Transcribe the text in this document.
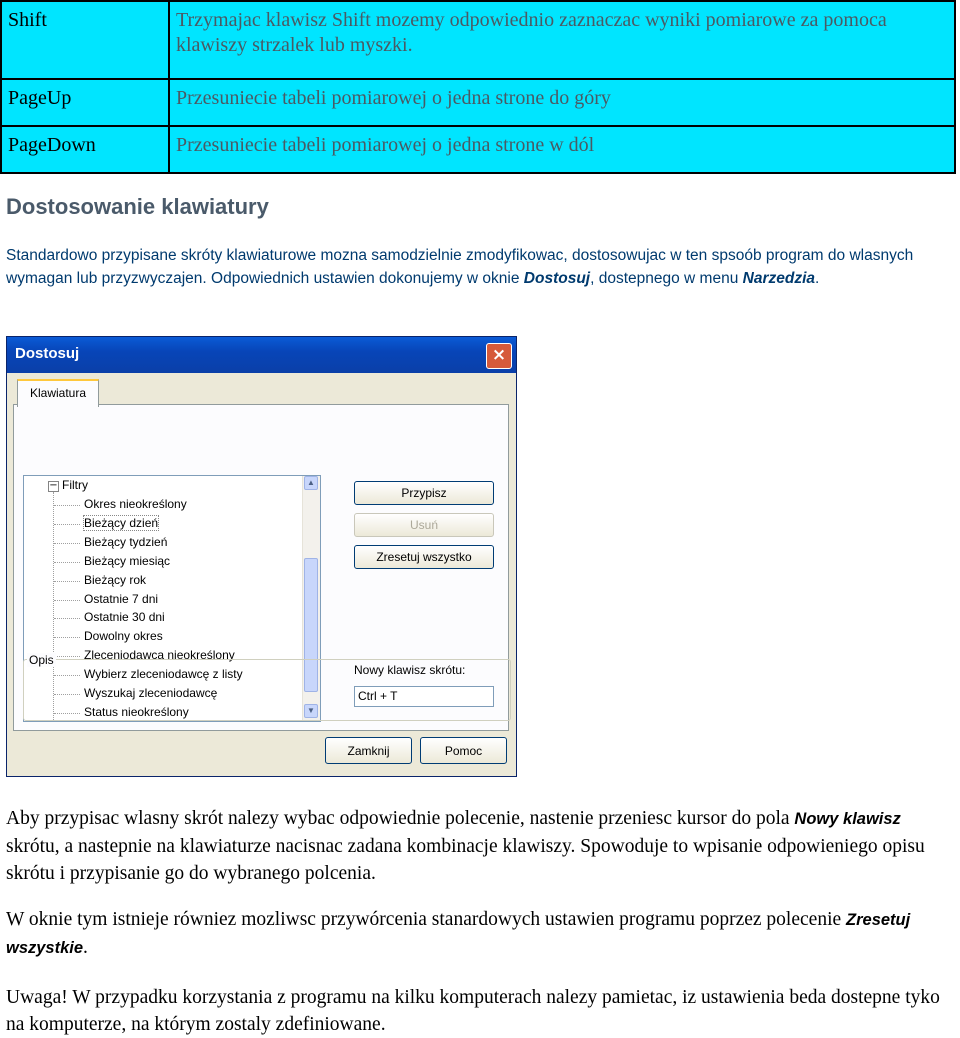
Shift	Trzymajac klawisz Shift mozemy odpowiednio zaznaczac wyniki pomiarowe za pomoca klawiszy strzalek lub myszki.
PageUp	Przesuniecie tabeli pomiarowej o jedna strone do góry
PageDown	Przesuniecie tabeli pomiarowej o jedna strone w dól
Dostosowanie klawiatury
Standardowo przypisane skróty klawiaturowe mozna samodzielnie zmodyfikowac, dostosowujac w ten spsoób program do wlasnych wymagan lub przyzwyczajen. Odpowiednich ustawien dokonujemy w oknie Dostosuj, dostepnego w menu Narzedzia.
Dostosuj	×
Klawiatura
− Filtry
Okres nieokreślony
Bieżący dzień
Bieżący tydzień
Bieżący miesiąc
Bieżący rok
Ostatnie 7 dni
Ostatnie 30 dni
Dowolny okres
Zleceniodawca nieokreślony
Wybierz zleceniodawcę z listy
Wyszukaj zleceniodawcę
Status nieokreślony
▲
▼
Przypisz
Usuń
Zresetuj wszystko
Nowy klawisz skrótu:
Ctrl + T
Opis
Zamknij	Pomoc
Aby przypisac wlasny skrót nalezy wybac odpowiednie polecenie, nastenie przeniesc kursor do pola Nowy klawisz skrótu, a nastepnie na klawiaturze nacisnac zadana kombinacje klawiszy. Spowoduje to wpisanie odpowieniego opisu skrótu i przypisanie go do wybranego polcenia.
W oknie tym istnieje równiez mozliwsc przywórcenia stanardowych ustawien programu poprzez polecenie Zresetuj wszystkie.
Uwaga! W przypadku korzystania z programu na kilku komputerach nalezy pamietac, iz ustawienia beda dostepne tyko na komputerze, na którym zostaly zdefiniowane.
